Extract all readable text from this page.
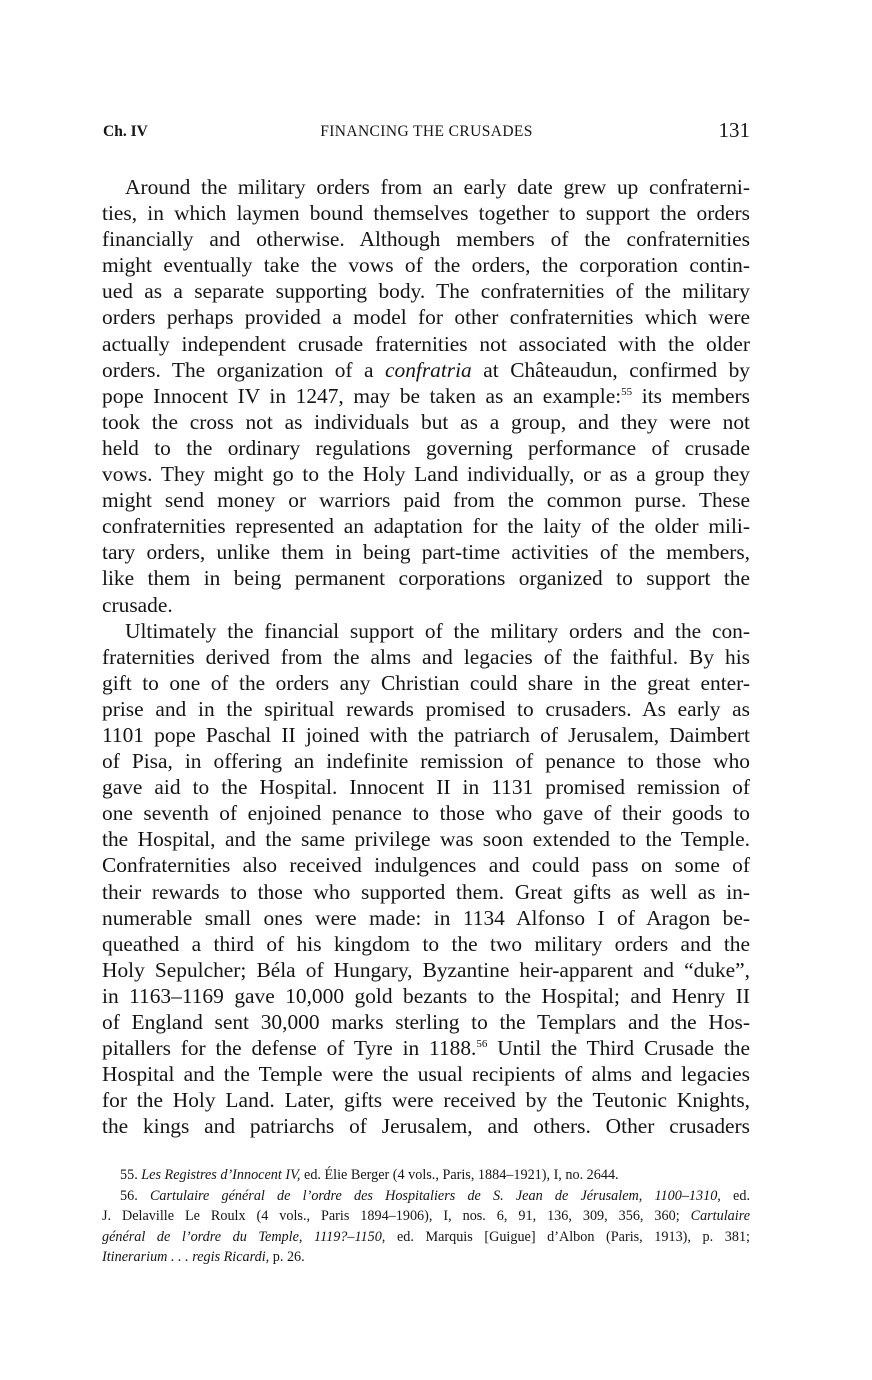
Ch. IV	FINANCING THE CRUSADES	131
Around the military orders from an early date grew up confraterni-
ties, in which laymen bound themselves together to support the orders
financially and otherwise. Although members of the confraternities
might eventually take the vows of the orders, the corporation contin-
ued as a separate supporting body. The confraternities of the military
orders perhaps provided a model for other confraternities which were
actually independent crusade fraternities not associated with the older
orders. The organization of a confratria at Châteaudun, confirmed by
pope Innocent IV in 1247, may be taken as an example:$^{55}$ its members
took the cross not as individuals but as a group, and they were not
held to the ordinary regulations governing performance of crusade
vows. They might go to the Holy Land individually, or as a group they
might send money or warriors paid from the common purse. These
confraternities represented an adaptation for the laity of the older mili-
tary orders, unlike them in being part-time activities of the members,
like them in being permanent corporations organized to support the
crusade.
Ultimately the financial support of the military orders and the con-
fraternities derived from the alms and legacies of the faithful. By his
gift to one of the orders any Christian could share in the great enter-
prise and in the spiritual rewards promised to crusaders. As early as
1101 pope Paschal II joined with the patriarch of Jerusalem, Daimbert
of Pisa, in offering an indefinite remission of penance to those who
gave aid to the Hospital. Innocent II in 1131 promised remission of
one seventh of enjoined penance to those who gave of their goods to
the Hospital, and the same privilege was soon extended to the Temple.
Confraternities also received indulgences and could pass on some of
their rewards to those who supported them. Great gifts as well as in-
numerable small ones were made: in 1134 Alfonso I of Aragon be-
queathed a third of his kingdom to the two military orders and the
Holy Sepulcher; Béla of Hungary, Byzantine heir-apparent and “duke”,
in 1163–1169 gave 10,000 gold bezants to the Hospital; and Henry II
of England sent 30,000 marks sterling to the Templars and the Hos-
pitallers for the defense of Tyre in 1188.56 Until the Third Crusade the
Hospital and the Temple were the usual recipients of alms and legacies
for the Holy Land. Later, gifts were received by the Teutonic Knights,
the kings and patriarchs of Jerusalem, and others. Other crusaders
55. Les Registres d’Innocent IV, ed. Élie Berger (4 vols., Paris, 1884–1921), I, no. 2644.
56. Cartulaire général de l’ordre des Hospitaliers de S. Jean de Jérusalem, 1100–1310, ed.
J. Delaville Le Roulx (4 vols., Paris 1894–1906), I, nos. 6, 91, 136, 309, 356, 360; Cartulaire
général de l’ordre du Temple, 1119?–1150, ed. Marquis [Guigue] d’Albon (Paris, 1913), p. 381;
Itinerarium . . . regis Ricardi, p. 26.
